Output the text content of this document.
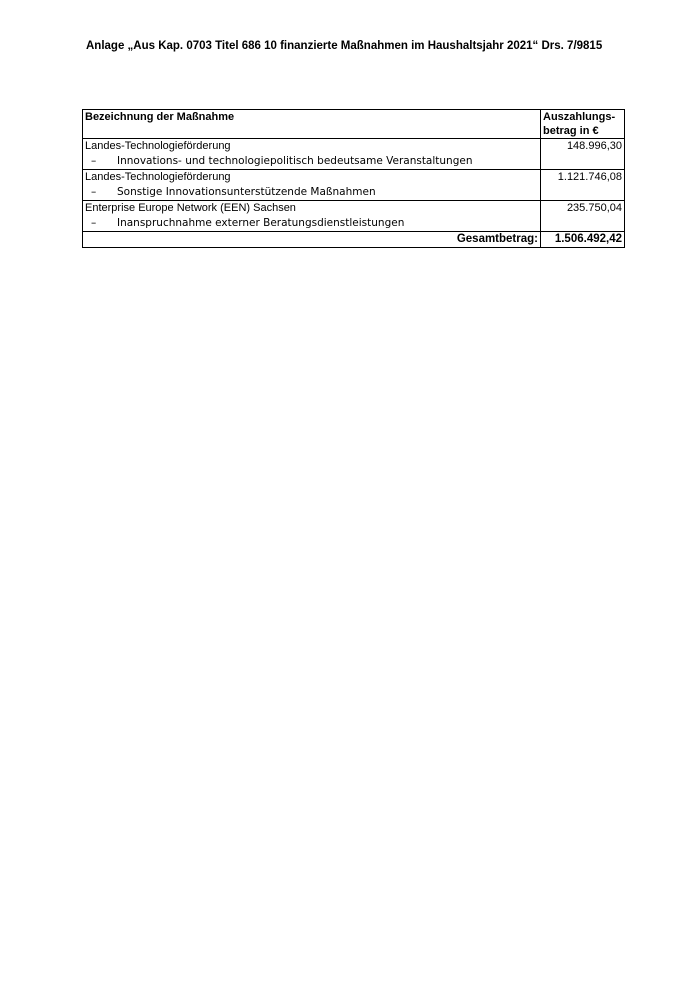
Anlage „Aus Kap. 0703 Titel 686 10 finanzierte Maßnahmen im Haushaltsjahr 2021“ Drs. 7/9815
Bezeichnung der Maßnahme	Auszahlungs-
betrag in €

Landes-Technologieförderung
– Innovations- und technologiepolitisch bedeutsame Veranstaltungen	148.996,30

Landes-Technologieförderung
– Sonstige Innovationsunterstützende Maßnahmen	1.121.746,08

Enterprise Europe Network (EEN) Sachsen
– Inanspruchnahme externer Beratungsdienstleistungen	235.750,04
Gesamtbetrag:	1.506.492,42
